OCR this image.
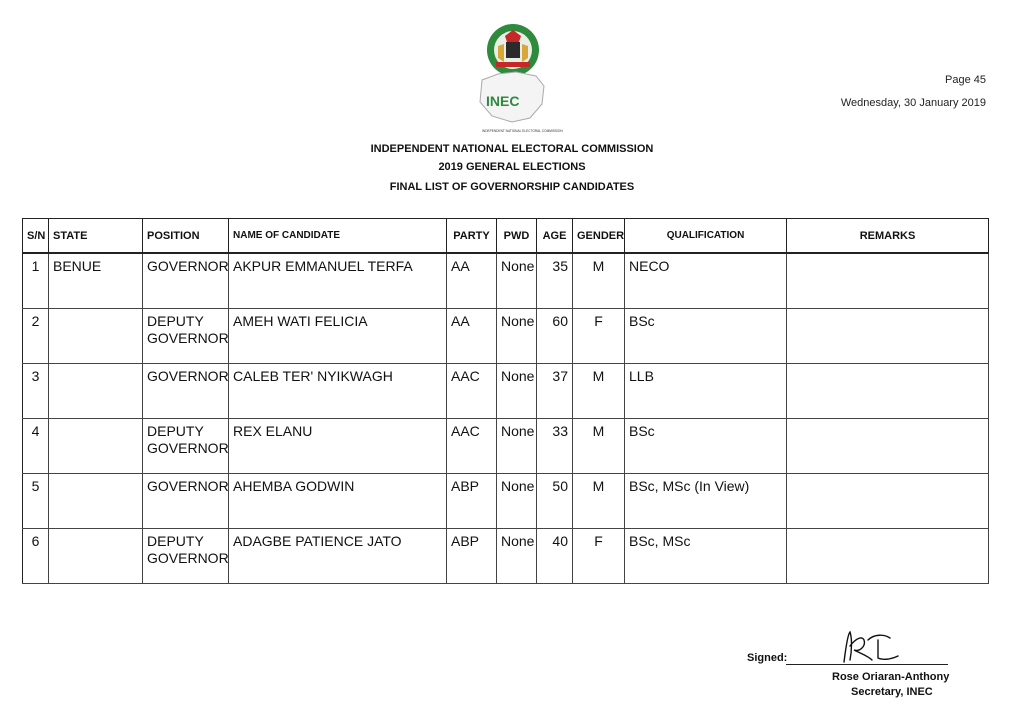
INEC
INDEPENDENT NATIONAL ELECTORAL COMMISSION
Page 45
Wednesday, 30 January 2019
INDEPENDENT NATIONAL ELECTORAL COMMISSION
2019 GENERAL ELECTIONS
FINAL LIST OF GOVERNORSHIP CANDIDATES
S/N	STATE	POSITION	NAME OF CANDIDATE	PARTY	PWD	AGE	GENDER	QUALIFICATION	REMARKS
1	BENUE	GOVERNOR	AKPUR EMMANUEL TERFA	AA	None	35	M	NECO	
2		DEPUTY GOVERNOR	AMEH WATI FELICIA	AA	None	60	F	BSc	
3		GOVERNOR	CALEB TER' NYIKWAGH	AAC	None	37	M	LLB	
4		DEPUTY GOVERNOR	REX ELANU	AAC	None	33	M	BSc	
5		GOVERNOR	AHEMBA GODWIN	ABP	None	50	M	BSc, MSc (In View)	
6		DEPUTY GOVERNOR	ADAGBE PATIENCE JATO	ABP	None	40	F	BSc, MSc	
Signed:
Rose Oriaran-Anthony
Secretary, INEC
